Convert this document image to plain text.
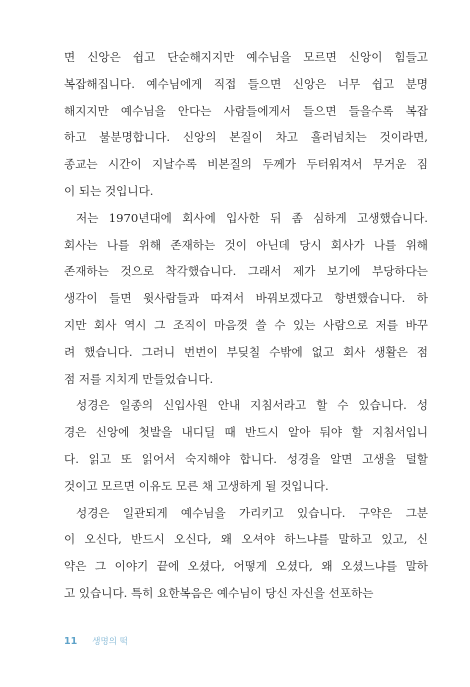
면 신앙은 쉽고 단순해지지만 예수님을 모르면 신앙이 힘들고
복잡해집니다. 예수님에게 직접 들으면 신앙은 너무 쉽고 분명
해지지만 예수님을 안다는 사람들에게서 들으면 들을수록 복잡
하고 불분명합니다. 신앙의 본질이 차고 흘러넘치는 것이라면,
종교는 시간이 지날수록 비본질의 두께가 두터워져서 무거운 짐
이 되는 것입니다.
저는 1970년대에 회사에 입사한 뒤 좀 심하게 고생했습니다.
회사는 나를 위해 존재하는 것이 아닌데 당시 회사가 나를 위해
존재하는 것으로 착각했습니다. 그래서 제가 보기에 부당하다는
생각이 들면 윗사람들과 따져서 바꿔보겠다고 항변했습니다. 하
지만 회사 역시 그 조직이 마음껏 쓸 수 있는 사람으로 저를 바꾸
려 했습니다. 그러니 번번이 부딪칠 수밖에 없고 회사 생활은 점
점 저를 지치게 만들었습니다.
성경은 일종의 신입사원 안내 지침서라고 할 수 있습니다. 성
경은 신앙에 첫발을 내디딜 때 반드시 알아 둬야 할 지침서입니
다. 읽고 또 읽어서 숙지해야 합니다. 성경을 알면 고생을 덜할
것이고 모르면 이유도 모른 채 고생하게 될 것입니다.
성경은 일관되게 예수님을 가리키고 있습니다. 구약은 그분
이 오신다, 반드시 오신다, 왜 오셔야 하느냐를 말하고 있고, 신
약은 그 이야기 끝에 오셨다, 어떻게 오셨다, 왜 오셨느냐를 말하
고 있습니다. 특히 요한복음은 예수님이 당신 자신을 선포하는
11 생명의 떡
